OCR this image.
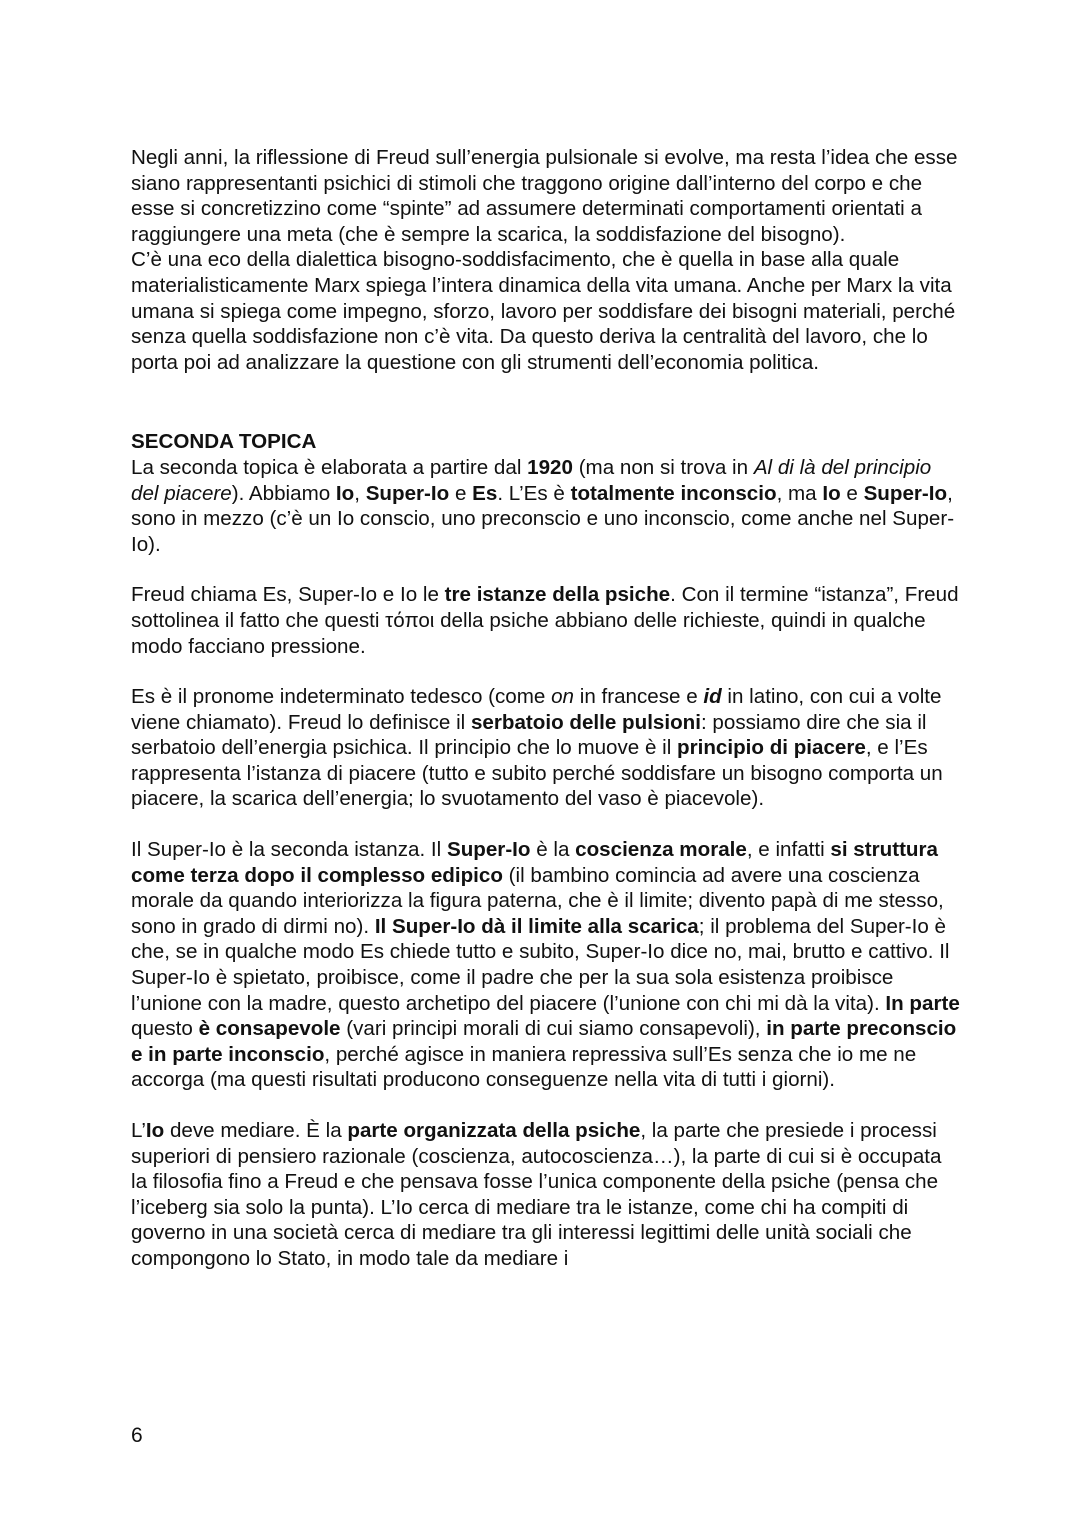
Negli anni, la riflessione di Freud sull’energia pulsionale si evolve, ma resta l’idea che esse siano rappresentanti psichici di stimoli che traggono origine dall’interno del corpo e che esse si concretizzino come “spinte” ad assumere determinati comportamenti orientati a raggiungere una meta (che è sempre la scarica, la soddisfazione del bisogno).

C’è una eco della dialettica bisogno-soddisfacimento, che è quella in base alla quale materialisticamente Marx spiega l’intera dinamica della vita umana. Anche per Marx la vita umana si spiega come impegno, sforzo, lavoro per soddisfare dei bisogni materiali, perché senza quella soddisfazione non c’è vita. Da questo deriva la centralità del lavoro, che lo porta poi ad analizzare la questione con gli strumenti dell’economia politica.

SECONDA TOPICA

La seconda topica è elaborata a partire dal 1920 (ma non si trova in Al di là del principio del piacere). Abbiamo Io, Super-Io e Es. L’Es è totalmente inconscio, ma Io e Super-Io, sono in mezzo (c’è un Io conscio, uno preconscio e uno inconscio, come anche nel Super-Io).

Freud chiama Es, Super-Io e Io le tre istanze della psiche. Con il termine “istanza”, Freud sottolinea il fatto che questi τόποι della psiche abbiano delle richieste, quindi in qualche modo facciano pressione.

Es è il pronome indeterminato tedesco (come on in francese e id in latino, con cui a volte viene chiamato). Freud lo definisce il serbatoio delle pulsioni: possiamo dire che sia il serbatoio dell’energia psichica. Il principio che lo muove è il principio di piacere, e l’Es rappresenta l’istanza di piacere (tutto e subito perché soddisfare un bisogno comporta un piacere, la scarica dell’energia; lo svuotamento del vaso è piacevole).

Il Super-Io è la seconda istanza. Il Super-Io è la coscienza morale, e infatti si struttura come terza dopo il complesso edipico (il bambino comincia ad avere una coscienza morale da quando interiorizza la figura paterna, che è il limite; divento papà di me stesso, sono in grado di dirmi no). Il Super-Io dà il limite alla scarica; il problema del Super-Io è che, se in qualche modo Es chiede tutto e subito, Super-Io dice no, mai, brutto e cattivo. Il Super-Io è spietato, proibisce, come il padre che per la sua sola esistenza proibisce l’unione con la madre, questo archetipo del piacere (l’unione con chi mi dà la vita). In parte questo è consapevole (vari principi morali di cui siamo consapevoli), in parte preconscio e in parte inconscio, perché agisce in maniera repressiva sull’Es senza che io me ne accorga (ma questi risultati producono conseguenze nella vita di tutti i giorni).

L’Io deve mediare. È la parte organizzata della psiche, la parte che presiede i processi superiori di pensiero razionale (coscienza, autocoscienza…), la parte di cui si è occupata la filosofia fino a Freud e che pensava fosse l’unica componente della psiche (pensa che l’iceberg sia solo la punta). L’Io cerca di mediare tra le istanze, come chi ha compiti di governo in una società cerca di mediare tra gli interessi legittimi delle unità sociali che compongono lo Stato, in modo tale da mediare i

6
